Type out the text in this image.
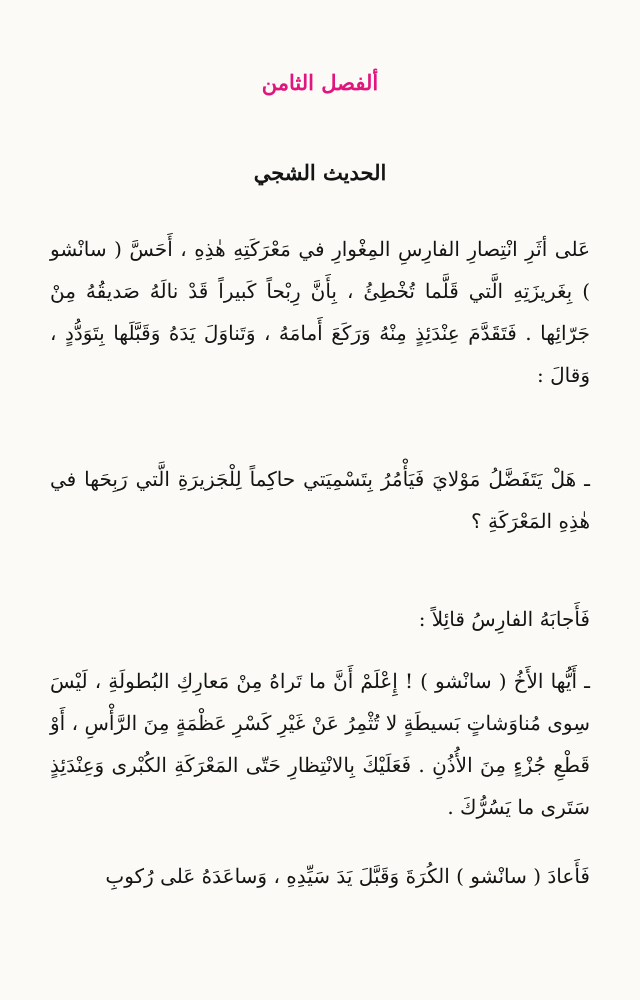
ألفصل الثامن
الحديث الشجي

عَلى أثَرِ انْتِصارِ الفارِسِ المِغْوارِ في مَعْرَكَتِهِ هٰذِهِ ، أَحَسَّ ( سانْشو ) بِغَريزَتِهِ الَّتي قَلَّما تُخْطِئُ ، بِأَنَّ رِبْحاً كَبيراً قَدْ نالَهُ صَديقُهُ مِنْ جَرّائِها . فَتَقَدَّمَ عِنْدَئِذٍ مِنْهُ وَرَكَعَ أَمامَهُ ، وَتَناوَلَ يَدَهُ وَقَبَّلَها بِتَوَدُّدٍ ، وَقالَ :

ـ هَلْ يَتَفَضَّلُ مَوْلايَ فَيَأْمُرُ بِتَسْمِيَتي حاكِماً لِلْجَزيرَةِ الَّتي رَبِحَها في هٰذِهِ المَعْرَكَةِ ؟

فَأَجابَهُ الفارِسُ قائِلاً :

ـ أَيُّها الأَخُ ( سانْشو ) ! إِعْلَمْ أَنَّ ما تَراهُ مِنْ مَعارِكِ البُطولَةِ ، لَيْسَ سِوى مُناوَشاتٍ بَسيطَةٍ لا تُثْمِرُ عَنْ غَيْرِ كَسْرِ عَظْمَةٍ مِنَ الرَّأْسِ ، أَوْ قَطْعِ جُزْءٍ مِنَ الأُذُنِ . فَعَلَيْكَ بِالانْتِظارِ حَتّى المَعْرَكَةِ الكُبْرى وَعِنْدَئِذٍ سَتَرى ما يَسُرُّكَ .

فَأَعادَ ( سانْشو ) الكُرَةَ وَقَبَّلَ يَدَ سَيِّدِهِ ، وَساعَدَهُ عَلى رُكوبِ
